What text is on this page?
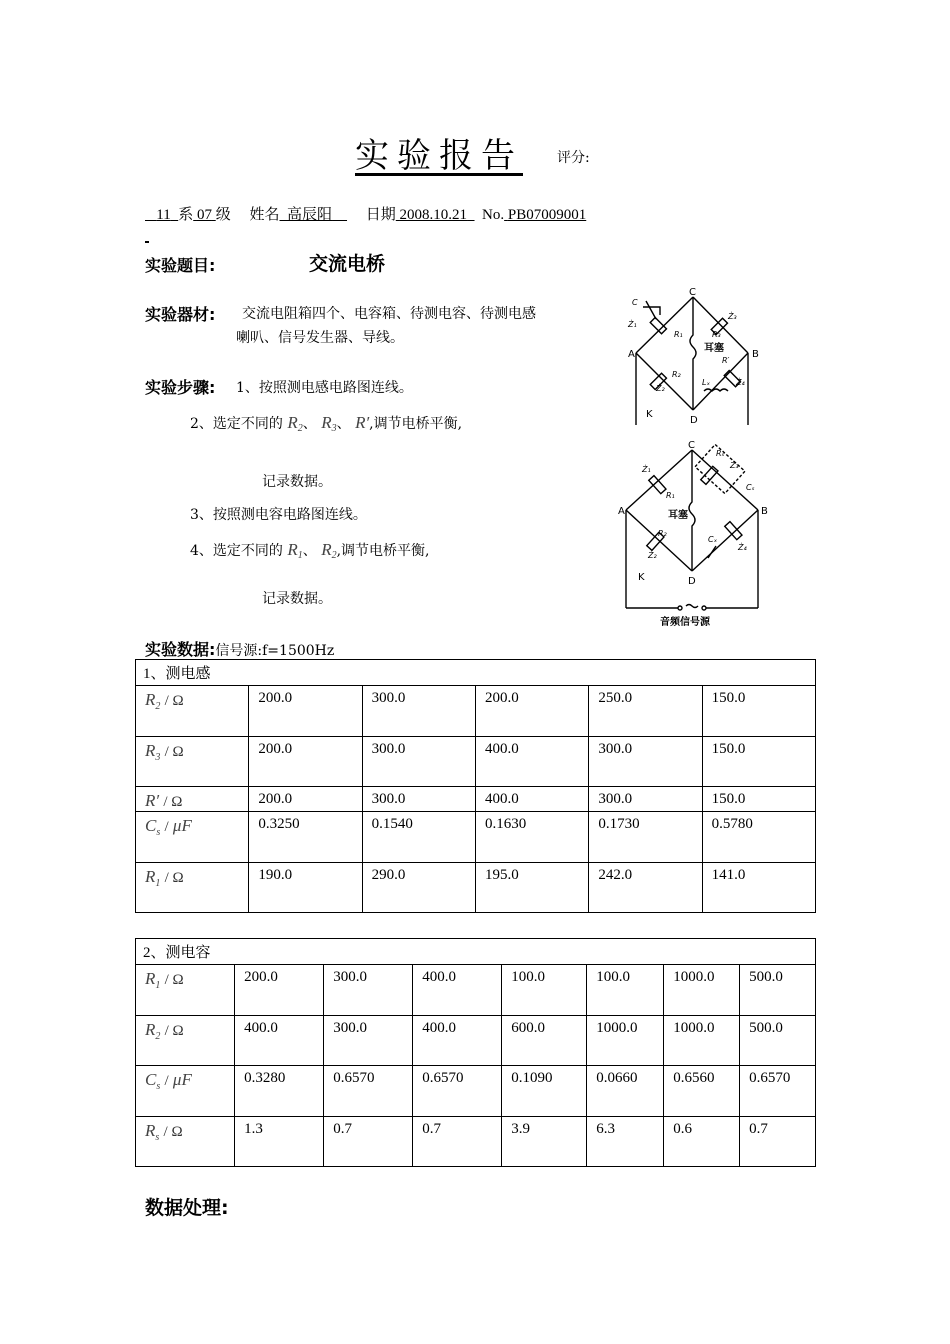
实验报告 评分:
11 系 07 级 姓名 高辰阳 日期 2008.10.21 No. PB07009001
实验题目:	交流电桥
实验器材: 交流电阻箱四个、电容箱、待测电容、待测电感
喇叭、信号发生器、导线。
实验步骤: 1、按照测电感电路图连线。
2、选定不同的 $R_2$、 $R_3$、 R′,调节电桥平衡,
记录数据。
3、按照测电容电路图连线。
4、选定不同的 $R_1$、 $R_2$,调节电桥平衡,
记录数据。
C
A	B
D
K
耳塞
C
Ż₁
R₁	R₃
Ż₃
R′
R₂
Lₓ	Ż₄
Ż₂
C
A	B
D
K
耳塞
音频信号源
Ż₁
R₁
Rₛ
Ż₃
Cₛ
R₂
Ż₂
Cₓ
Ż₄
实验数据:信号源:f=1500Hz
1、测电感					
$R_2$ / Ω	200.0	300.0	200.0	250.0	150.0
$R_3$ / Ω	200.0	300.0	400.0	300.0	150.0
R′ / Ω	200.0	300.0	400.0	300.0	150.0
$C_s$ / μF	0.3250	0.1540	0.1630	0.1730	0.5780
$R_1$ / Ω	190.0	290.0	195.0	242.0	141.0
2、测电容							
$R_1$ / Ω	200.0	300.0	400.0	100.0	100.0	1000.0	500.0
$R_2$ / Ω	400.0	300.0	400.0	600.0	1000.0	1000.0	500.0
$C_s$ / μF	0.3280	0.6570	0.6570	0.1090	0.0660	0.6560	0.6570
$R_s$ / Ω	1.3	0.7	0.7	3.9	6.3	0.6	0.7
数据处理:
